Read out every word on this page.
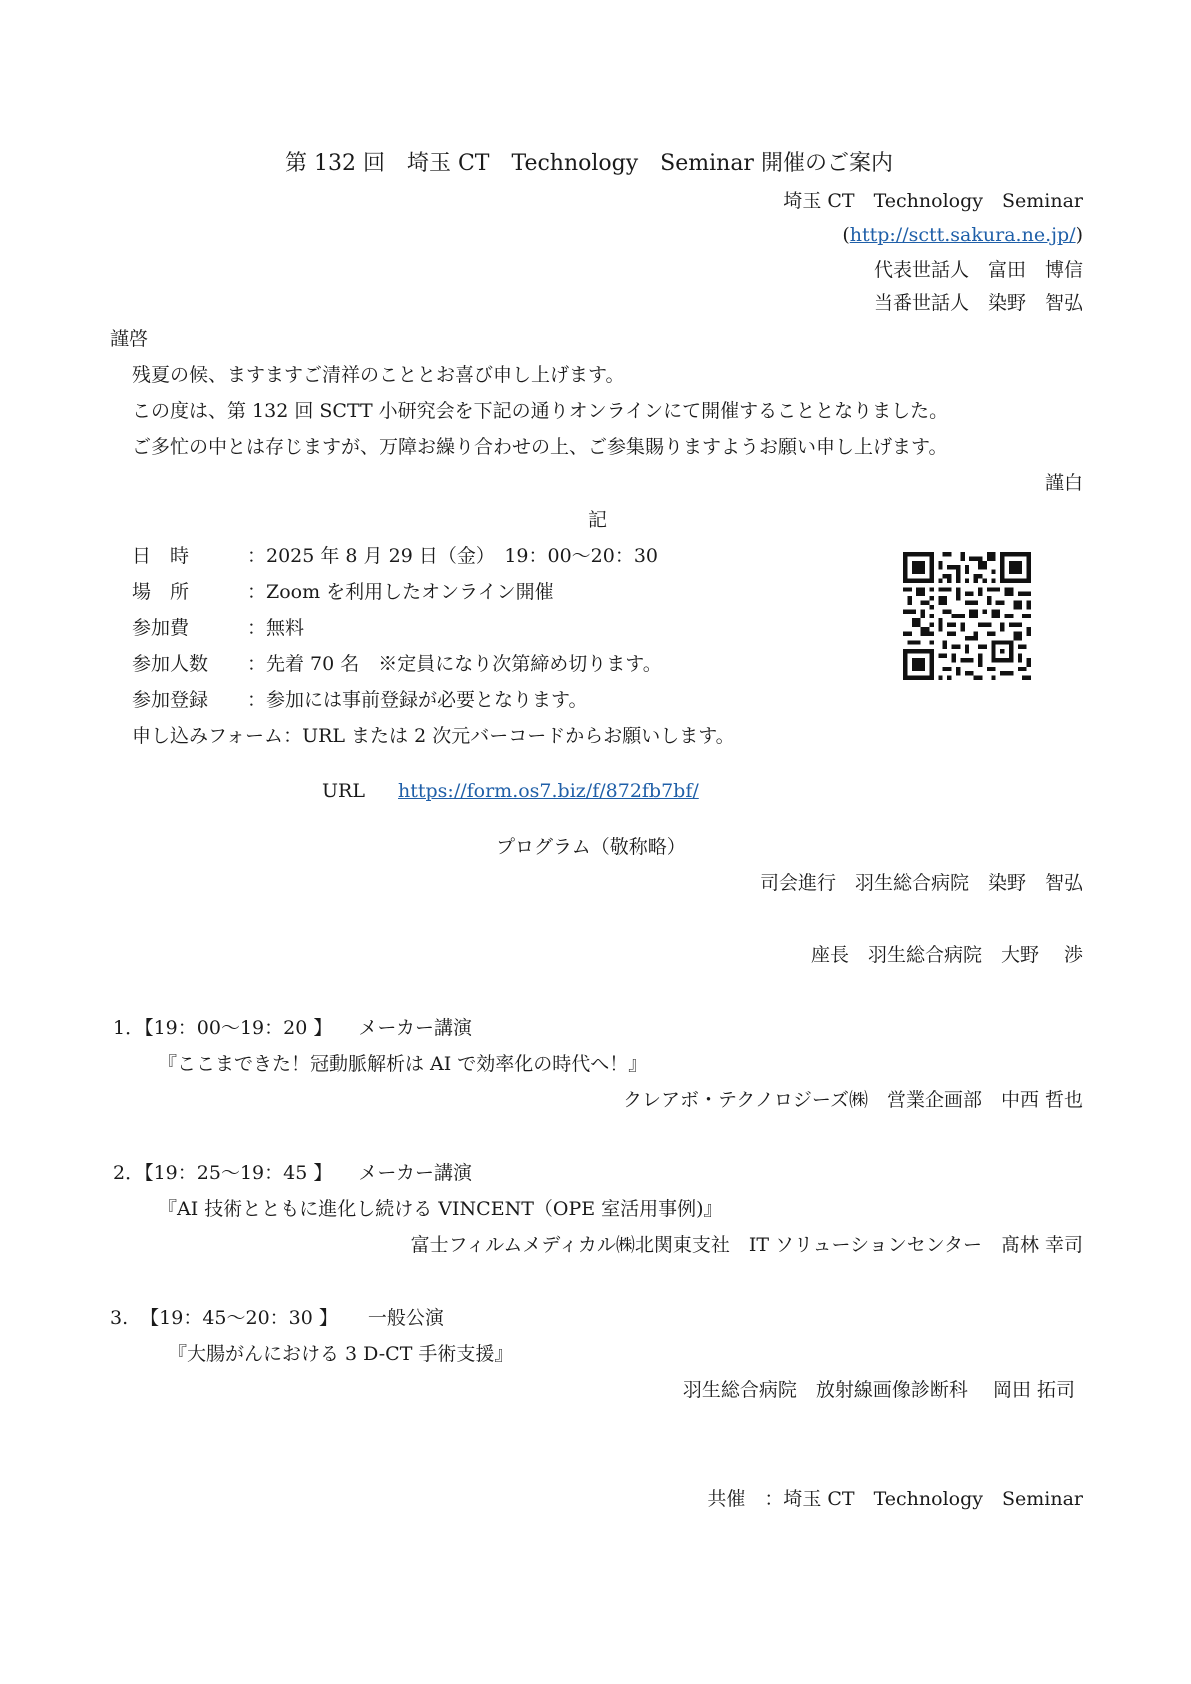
第 132 回　埼玉 CT　Technology　Seminar 開催のご案内
埼玉 CT　Technology　Seminar
(http://sctt.sakura.ne.jp/)
代表世話人　富田　博信
当番世話人　染野　智弘
謹啓
残夏の候、ますますご清祥のこととお喜び申し上げます。
この度は、第 132 回 SCTT 小研究会を下記の通りオンラインにて開催することとなりました。
ご多忙の中とは存じますが、万障お繰り合わせの上、ご参集賜りますようお願い申し上げます。
謹白
記
日　時	：2025 年 8 月 29 日（金）　19：00～20：30
場　所	：Zoom を利用したオンライン開催
参加費	：無料
参加人数 ：先着 70 名　※定員になり次第締め切ります。
参加登録 ：参加には事前登録が必要となります。
申し込みフォーム：URL または 2 次元バーコードからお願いします。
URL https://form.os7.biz/f/872fb7bf/
プログラム（敬称略）
司会進行　羽生総合病院　染野　智弘
座長　羽生総合病院　大野　 渉
1．【19：00～19：20 】 メーカー講演
『ここまできた！冠動脈解析は AI で効率化の時代へ！』
クレアボ・テクノロジーズ㈱　営業企画部　中西 哲也
2．【19：25～19：45 】 メーカー講演
『AI 技術とともに進化し続ける VINCENT（OPE 室活用事例)』
富士フィルムメディカル㈱北関東支社　IT ソリューションセンター　髙林 幸司
3. 【19：45～20：30 】 一般公演
『大腸がんにおける 3 D-CT 手術支援』
羽生総合病院　放射線画像診断科　 岡田 拓司
共催　：埼玉 CT　Technology　Seminar
